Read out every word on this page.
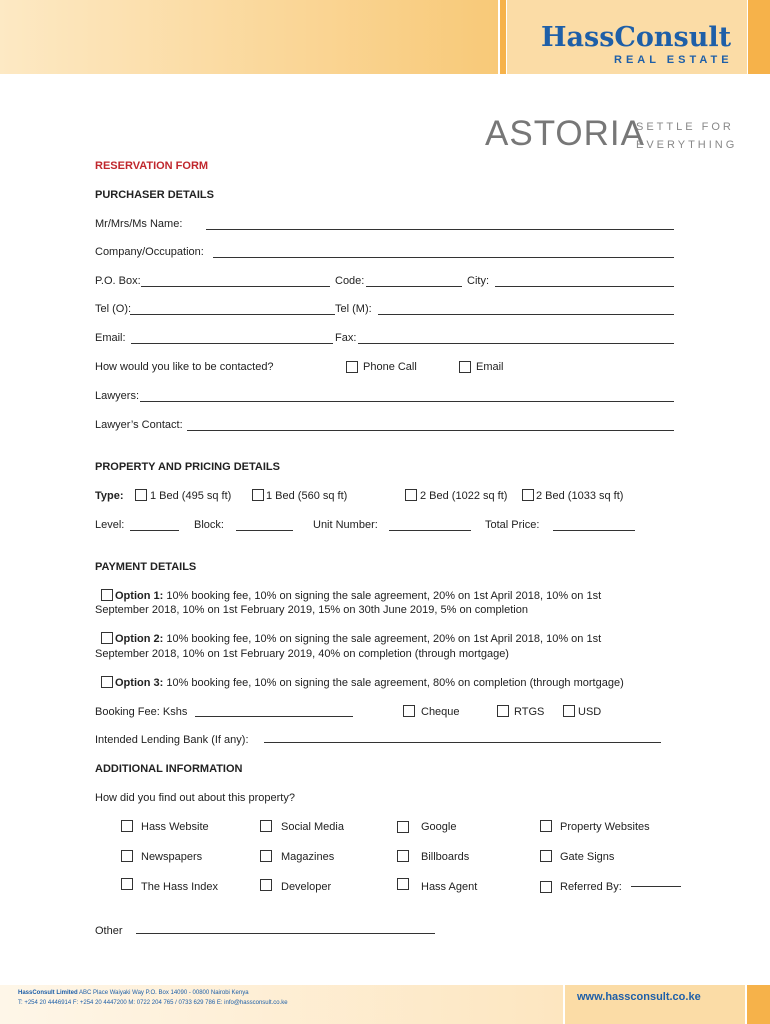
HassConsult
REAL ESTATE
ASTORIA
SETTLE FOR
EVERYTHING
RESERVATION FORM
PURCHASER DETAILS
Mr/Mrs/Ms Name:
Company/Occupation:
P.O. Box:	Code:	City:
Tel (O):	Tel (M):
Email:	Fax:
How would you like to be contacted?	Phone Call	Email
Lawyers:
Lawyer’s Contact:
PROPERTY AND PRICING DETAILS
Type: 1 Bed (495 sq ft)	1 Bed (560 sq ft)	2 Bed (1022 sq ft)	2 Bed (1033 sq ft)
Level:	Block:	Unit Number:	Total Price:
PAYMENT DETAILS
Option 1: 10% booking fee, 10% on signing the sale agreement, 20% on 1st April 2018, 10% on 1st
September 2018, 10% on 1st February 2019, 15% on 30th June 2019, 5% on completion
Option 2: 10% booking fee, 10% on signing the sale agreement, 20% on 1st April 2018, 10% on 1st
September 2018, 10% on 1st February 2019, 40% on completion (through mortgage)
Option 3: 10% booking fee, 10% on signing the sale agreement, 80% on completion (through mortgage)
Booking Fee: Kshs	Cheque	RTGS	USD
Intended Lending Bank (If any):
ADDITIONAL INFORMATION
How did you find out about this property?
Hass Website	Social Media	Google	Property Websites
Newspapers	Magazines	Billboards	Gate Signs
The Hass Index	Developer	Hass Agent	Referred By:
Other
HassConsult Limited ABC Place Waiyaki Way P.O. Box 14090 - 00800 Nairobi Kenya
T: +254 20 4446914 F: +254 20 4447200 M: 0722 204 765 / 0733 629 786 E: info@hassconsult.co.ke	www.hassconsult.co.ke
